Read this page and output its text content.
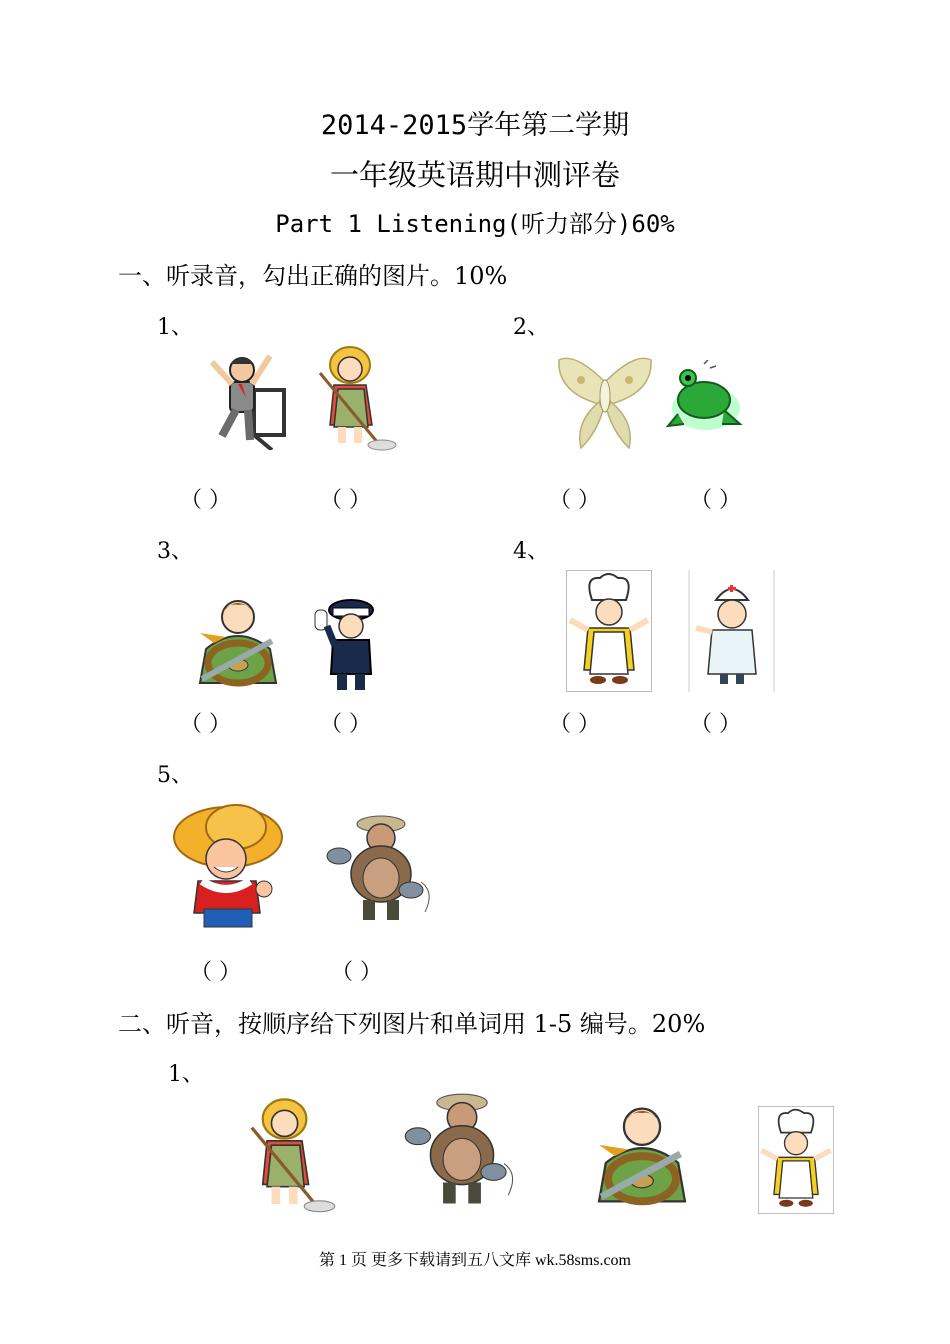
2014-2015学年第二学期
一年级英语期中测评卷
Part 1 Listening(听力部分)60%
一、听录音，勾出正确的图片。10%
1、
（ ）	（ ）
2、
（ ）	（ ）
3、
（ ）	（ ）
4、
（ ）	（ ）
5、
（ ）	（ ）
二、听音，按顺序给下列图片和单词用 1-5 编号。20%
1、
第 1 页 更多下载请到五八文库 wk.58sms.com
